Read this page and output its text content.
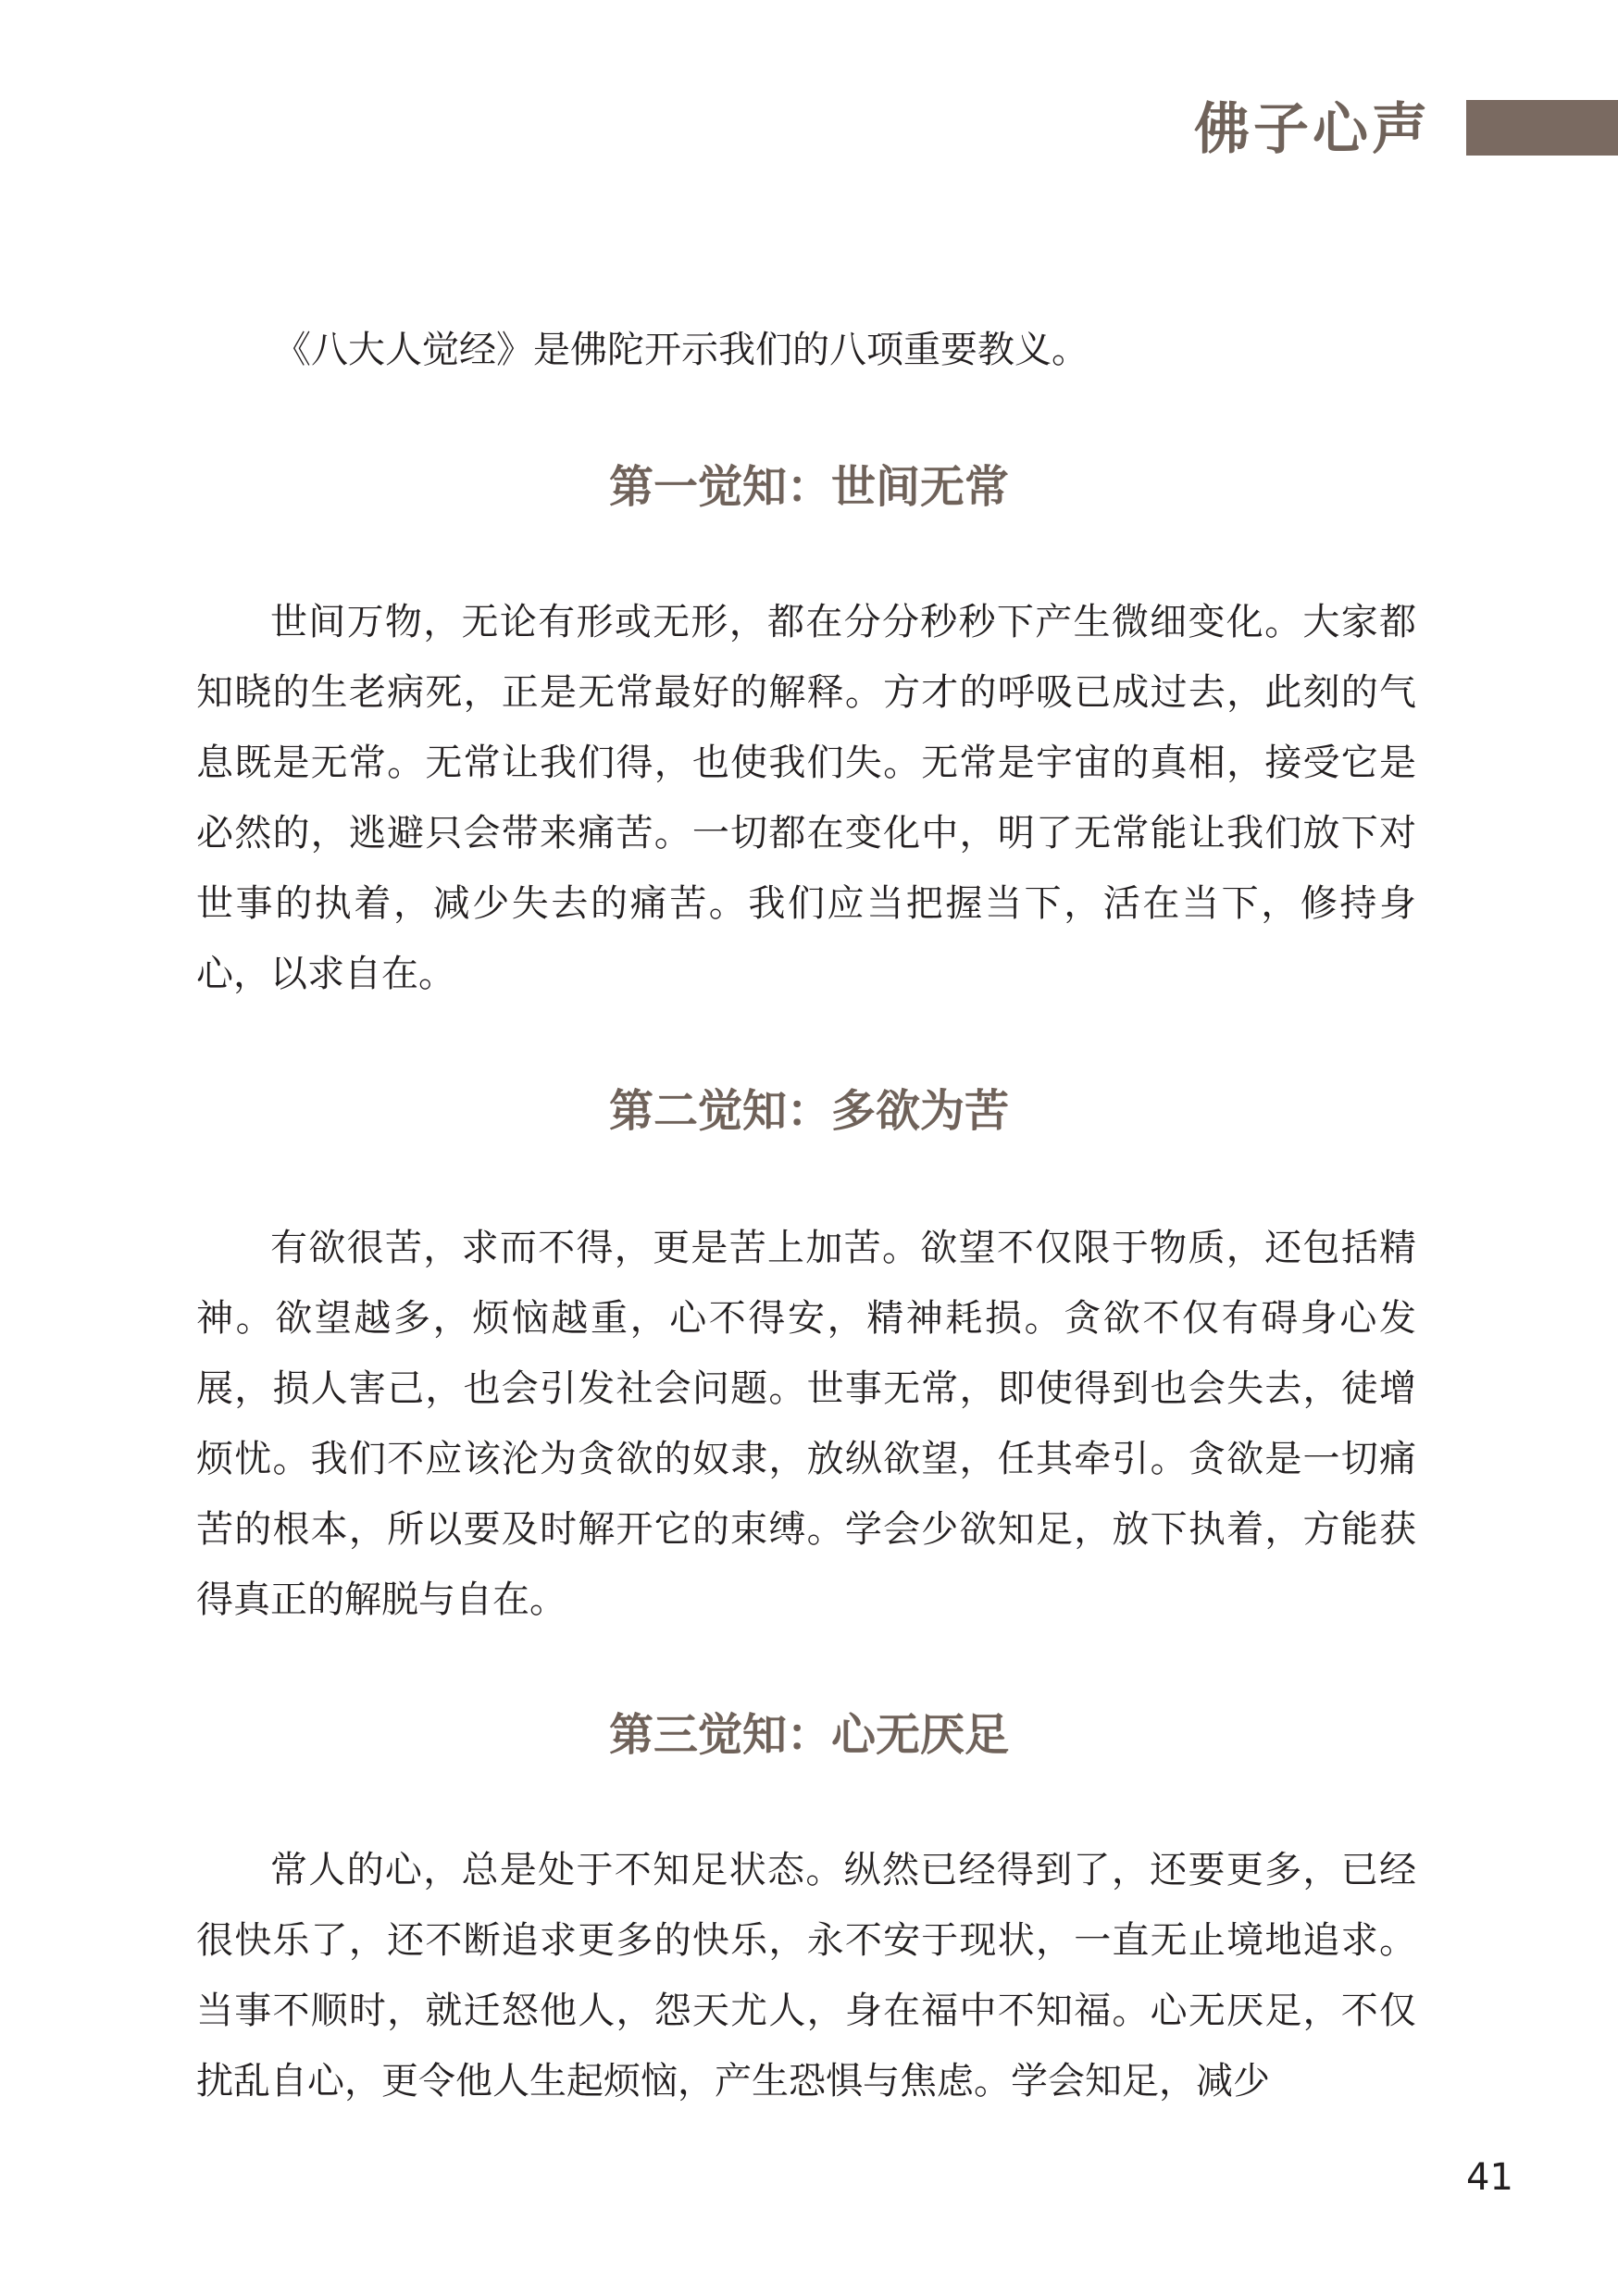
佛子心声
《八大人觉经》是佛陀开示我们的八项重要教义。
第一觉知：世间无常

世间万物，无论有形或无形，都在分分秒秒下产生微细变化。大家都知晓的生老病死，正是无常最好的解释。方才的呼吸已成过去，此刻的气息既是无常。无常让我们得，也使我们失。无常是宇宙的真相，接受它是必然的，逃避只会带来痛苦。一切都在变化中，明了无常能让我们放下对世事的执着，减少失去的痛苦。我们应当把握当下，活在当下，修持身心，以求自在。

第二觉知：多欲为苦

有欲很苦，求而不得，更是苦上加苦。欲望不仅限于物质，还包括精神。欲望越多，烦恼越重，心不得安，精神耗损。贪欲不仅有碍身心发展，损人害己，也会引发社会问题。世事无常，即使得到也会失去，徒增烦忧。我们不应该沦为贪欲的奴隶，放纵欲望，任其牵引。贪欲是一切痛苦的根本，所以要及时解开它的束缚。学会少欲知足，放下执着，方能获得真正的解脱与自在。

第三觉知：心无厌足

常人的心，总是处于不知足状态。纵然已经得到了，还要更多，已经很快乐了，还不断追求更多的快乐，永不安于现状，一直无止境地追求。当事不顺时，就迁怒他人，怨天尤人，身在福中不知福。心无厌足，不仅扰乱自心，更令他人生起烦恼，产生恐惧与焦虑。学会知足，减少

41
